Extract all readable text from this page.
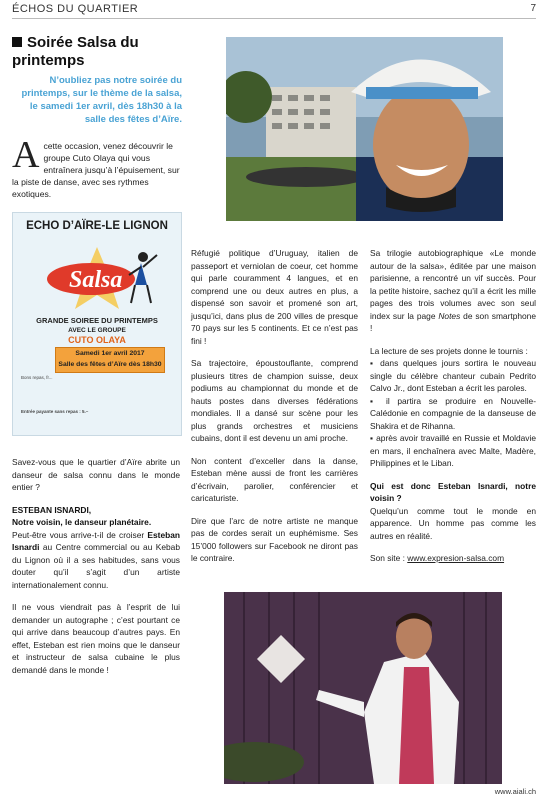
ÉCHOS DU QUARTIER	7
Soirée Salsa du printemps
N’oubliez pas notre soirée du printemps, sur le thème de la salsa, le samedi 1er avril, dès 18h30 à la salle des fêtes d’Aïre.
A cette occasion, venez découvrir le groupe Cuto Olaya qui vous entraînera jusqu’à l’épuisement, sur la piste de danse, avec ses rythmes exotiques.
ECHO D’AÏRE-LE LIGNON
Salsa
GRANDE SOIREE DU PRINTEMPS
AVEC LE GROUPE
CUTO OLAYA
Samedi 1er avril 2017
Salle des fêtes d’Aïre dès 18h30
Bons repas, fr...
Entrée payante sans repas : 5.–

Savez-vous que le quartier d’Aïre abrite un danseur de salsa connu dans le monde entier ?

ESTEBAN ISNARDI,
Notre voisin, le danseur planétaire.

Peut-être vous arrive-t-il de croiser Esteban Isnardi au Centre commercial ou au Kebab du Lignon où il a ses habitudes, sans vous douter qu’il s’agit d’un artiste internationalement connu.

Il ne vous viendrait pas à l’esprit de lui demander un autographe ; c’est pourtant ce qui arrive dans beaucoup d’autres pays. En effet, Esteban est rien moins que le danseur et instructeur de salsa cubaine le plus demandé dans le monde !

Réfugié politique d’Uruguay, italien de passeport et verniolan de coeur, cet homme qui parle couramment 4 langues, et en comprend une ou deux autres en plus, a dispensé son savoir et promené son art, jusqu’ici, dans plus de 200 villes de presque 70 pays sur les 5 continents. Et ce n’est pas fini !

Sa trajectoire, époustouflante, comprend plusieurs titres de champion suisse, deux podiums au championnat du monde et de hauts postes dans diverses fédérations mondiales. Il a dansé sur scène pour les plus grands orchestres et musiciens cubains, dont il est devenu un ami proche.

Non content d’exceller dans la danse, Esteban mène aussi de front les carrières d’écrivain, parolier, conférencier et caricaturiste.

Dire que l’arc de notre artiste ne manque pas de cordes serait un euphémisme. Ses 15’000 followers sur Facebook ne diront pas le contraire.

Sa trilogie autobiographique «Le monde autour de la salsa», éditée par une maison parisienne, a rencontré un vif succès. Pour la petite histoire, sachez qu’il a écrit les mille pages des trois volumes avec son seul index sur la page Notes de son smartphone !

La lecture de ses projets donne le tournis :
▪ dans quelques jours sortira le nouveau single du célèbre chanteur cubain Pedrito Calvo Jr., dont Esteban a écrit les paroles.
▪ il partira se produire en Nouvelle-Calédonie en compagnie de la danseuse de Shakira et de Rihanna.

▪ après avoir travaillé en Russie et Moldavie en mars, il enchaînera avec Malte, Madère, Philippines et le Liban.

Qui est donc Esteban Isnardi, notre voisin ?

Quelqu’un comme tout le monde en apparence. Un homme pas comme les autres en réalité.

Son site : www.expresion-salsa.com

www.aiali.ch
